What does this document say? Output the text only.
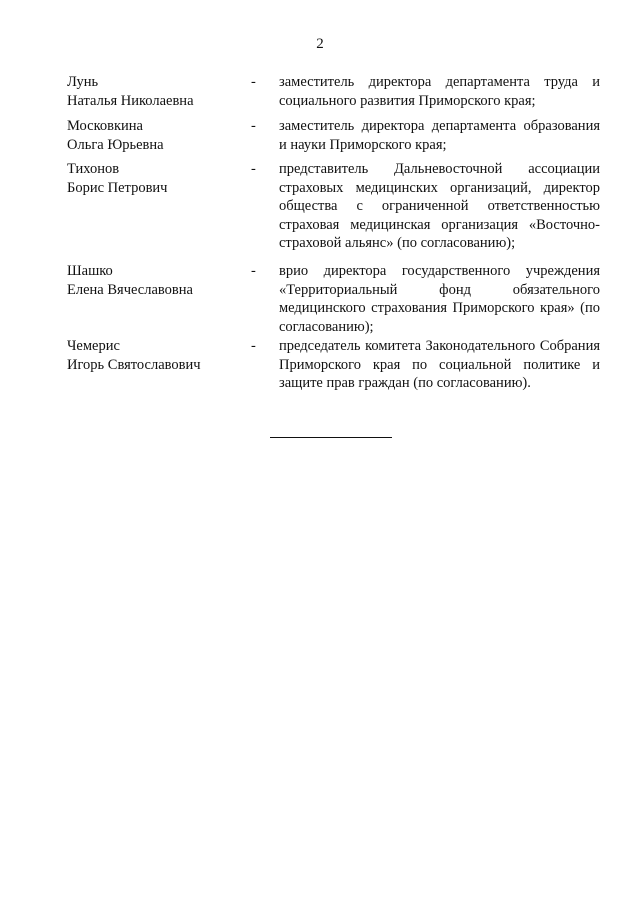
2
Лунь
Наталья Николаевна
-	заместитель директора департамента труда и социального развития Приморского края;
Московкина
Ольга Юрьевна
-	заместитель директора департамента образования и науки Приморского края;
Тихонов
Борис Петрович
-	представитель Дальневосточной ассоциации страховых медицинских организаций, директор общества с ограниченной ответственностью страховая медицинская организация «Восточно-страховой альянс» (по согласованию);
Шашко
Елена Вячеславовна
-	врио директора государственного учреждения «Территориальный фонд обязательного медицинского страхования Приморского края» (по согласованию);
Чемерис
Игорь Святославович
-	председатель комитета Законодательного Собрания Приморского края по социальной политике и защите прав граждан (по согласованию).
